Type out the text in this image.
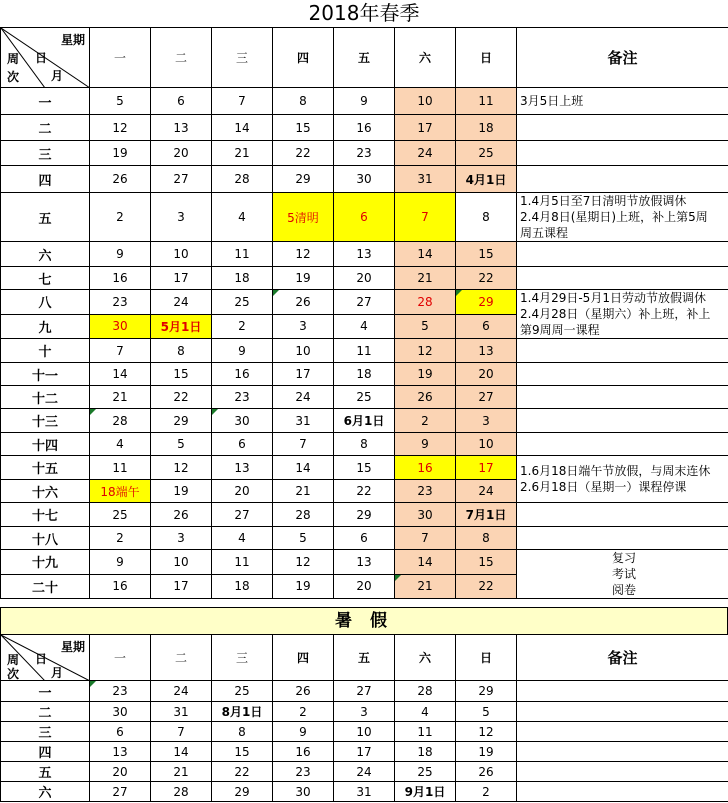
2018年春季
星期
日
周
月
次	一	二	三	四	五	六	日	备注
一	5	6	7	8	9	10	11	3月5日上班

二	12	13	14	15	16	17	18	
三	19	20	21	22	23	24	25	
四	26	27	28	29	30	31	4月1日	
五	2	3	4	5清明	6	7	8	1.4月5日至7日清明节放假调休
2.4月8日(星期日)上班，补上第5周
周五课程

六	9	10	11	12	13	14	15	
七	16	17	18	19	20	21	22	
八	23	24	25	26	27	28	29	1.4月29日-5月1日劳动节放假调休
2.4月28日（星期六）补上班，补上
第9周周一课程

九	30	5月1日	2	3	4	5	6	
十	7	8	9	10	11	12	13	
十一	14	15	16	17	18	19	20	
十二	21	22	23	24	25	26	27	
十三	28	29	30	31	6月1日	2	3	
十四	4	5	6	7	8	9	10	
十五	11	12	13	14	15	16	17	1.6月18日端午节放假，与周末连休
2.6月18日（星期一）课程停课

十六	18端午	19	20	21	22	23	24	
十七	25	26	27	28	29	30	7月1日	
十八	2	3	4	5	6	7	8	
十九	9	10	11	12	13	14	15	复习
考试
阅卷

二十	16	17	18	19	20	21	22	
暑 假
星期
日
周
月
次	一	二	三	四	五	六	日	备注
一	23	24	25	26	27	28	29	
二	30	31	8月1日	2	3	4	5	
三	6	7	8	9	10	11	12	
四	13	14	15	16	17	18	19	
五	20	21	22	23	24	25	26	
六	27	28	29	30	31	9月1日	2	
